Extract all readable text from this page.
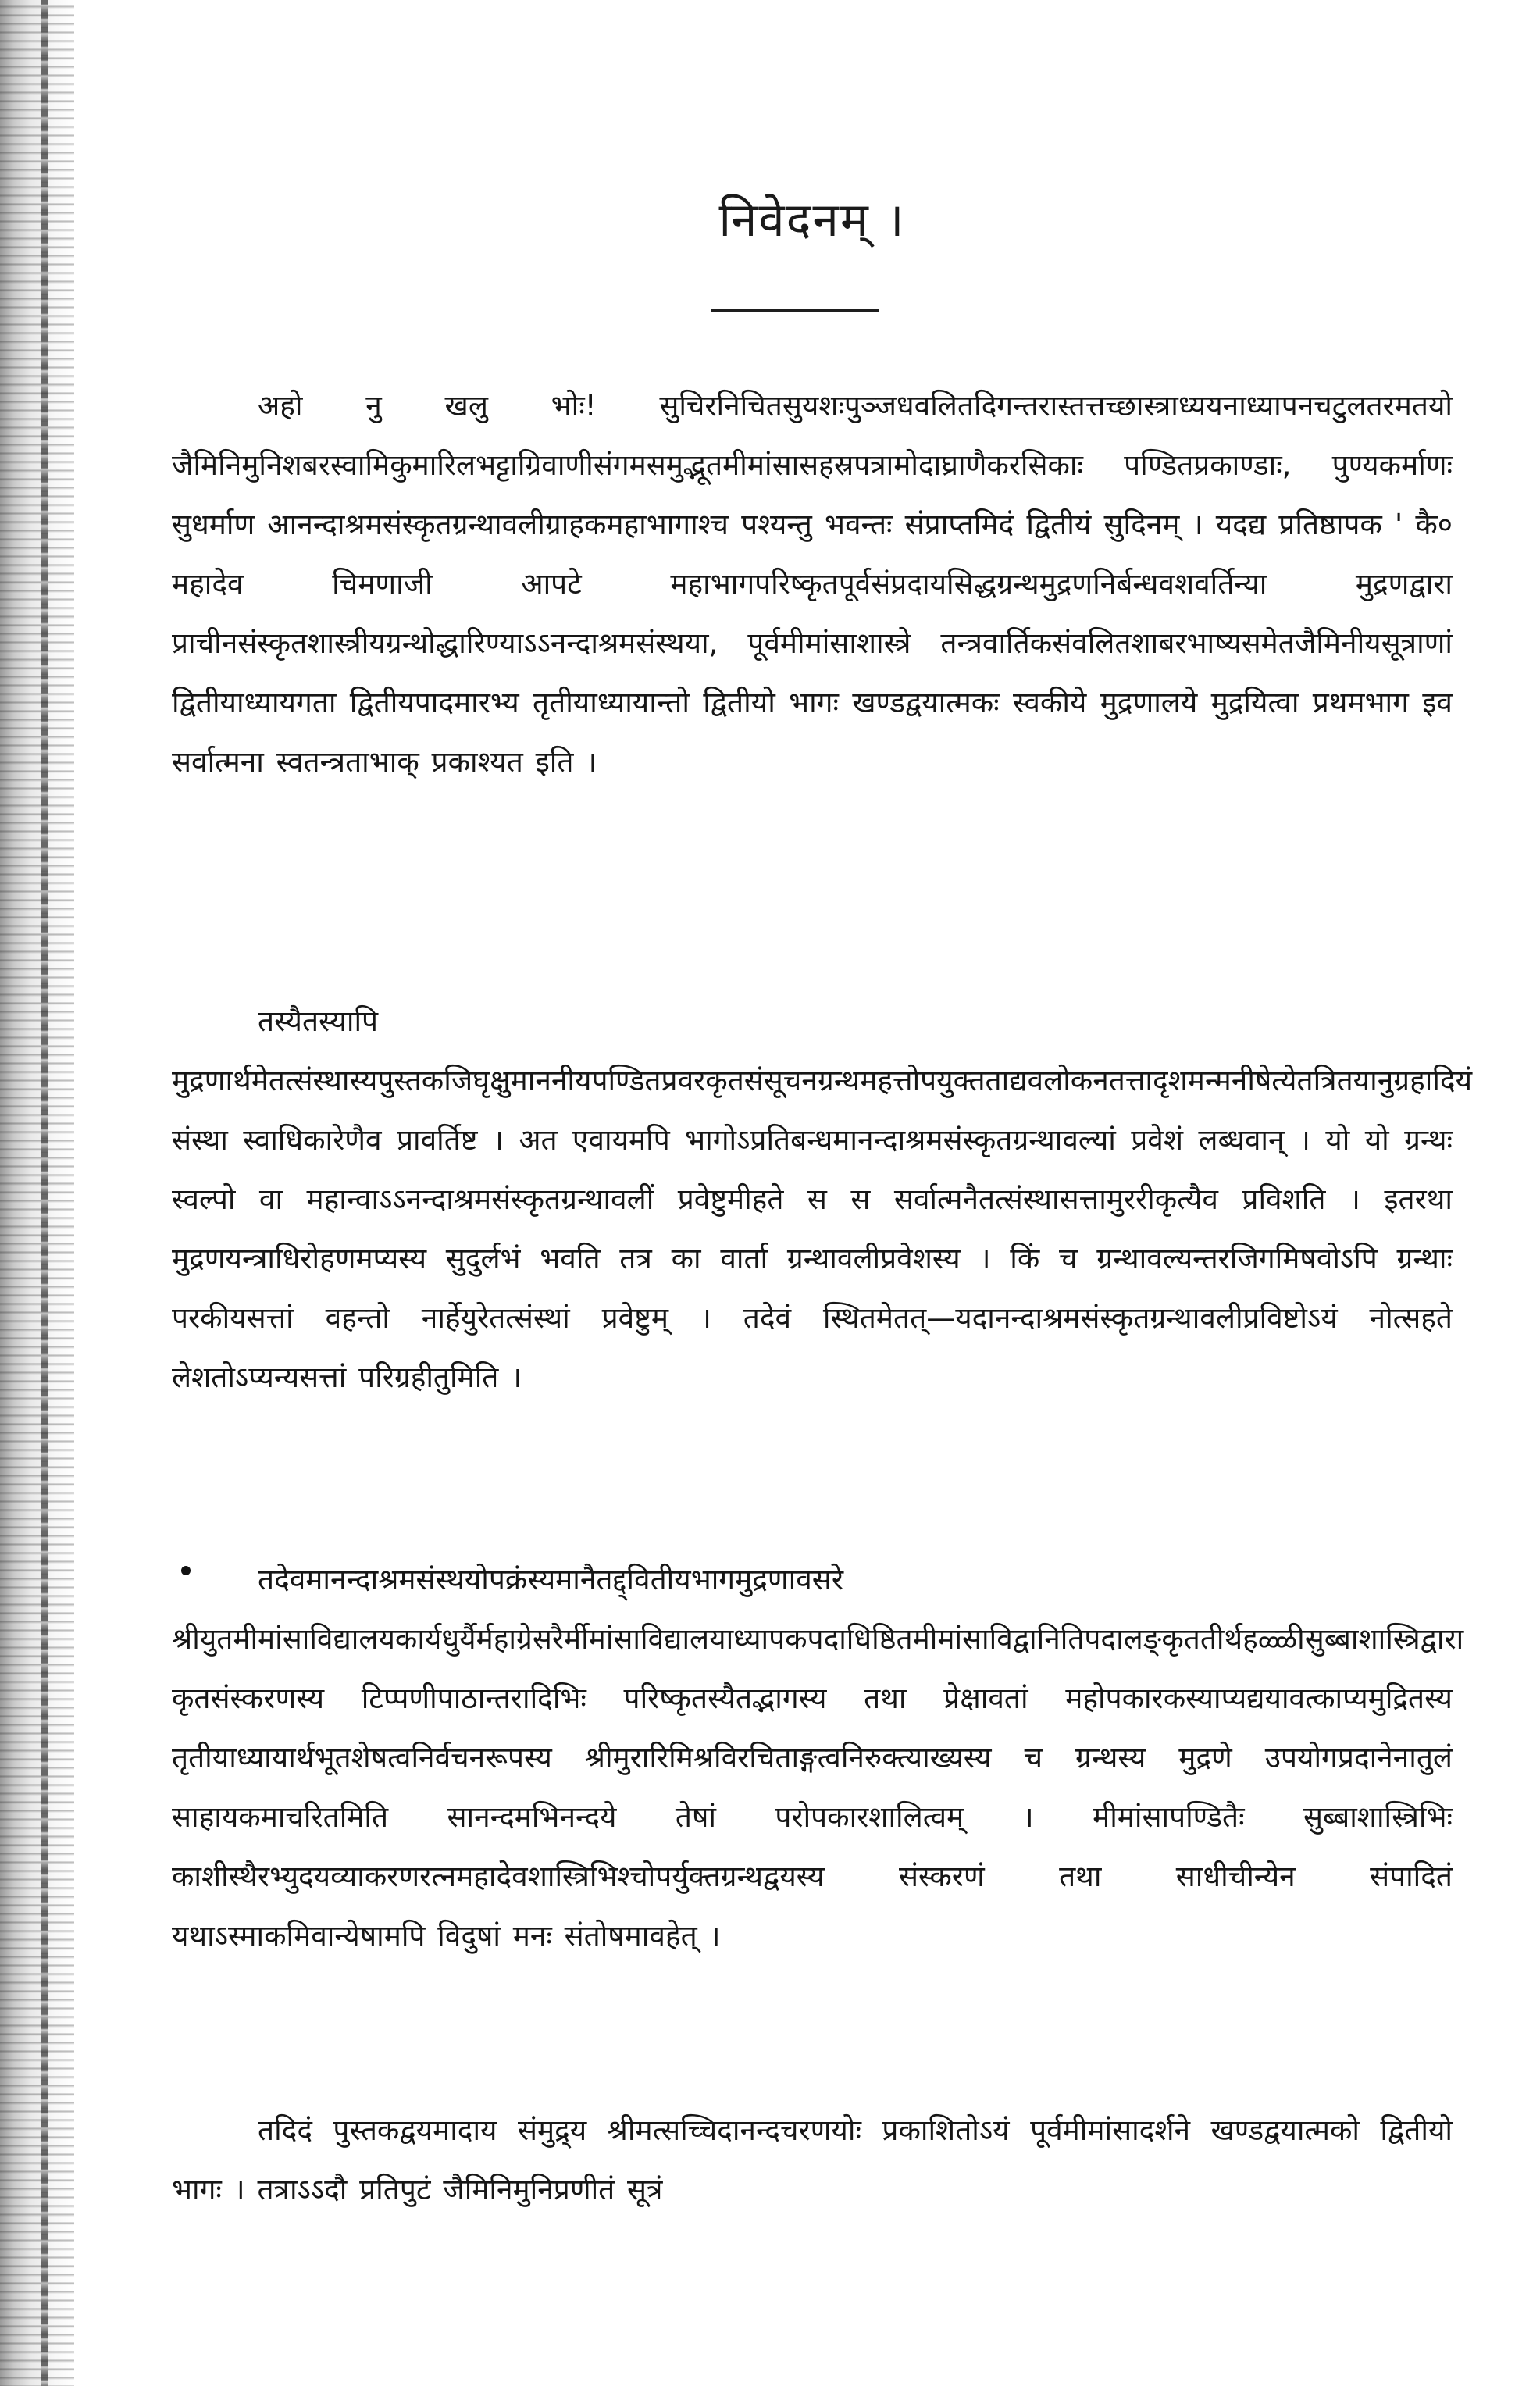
निवेदनम् ।
अहो नु खलु भोः! सुचिरनिचितसुयशःपुञ्जधवलितदिगन्तरास्तत्तच्छास्त्राध्ययनाध्यापनचटुलतरमतयो जैमिनिमुनिशबरस्वामिकुमारिलभट्टाग्रिवाणीसंगमसमुद्भूतमीमांसासहस्रपत्रामोदाघ्राणैकरसिकाः पण्डितप्रकाण्डाः, पुण्यकर्माणः सुधर्माण आनन्दाश्रमसंस्कृतग्रन्थावलीग्राहकमहाभागाश्च पश्यन्तु भवन्तः संप्राप्तमिदं द्वितीयं सुदिनम् । यदद्य प्रतिष्ठापक ' कै० महादेव चिमणाजी आपटे महाभागपरिष्कृतपूर्वसंप्रदायसिद्धग्रन्थमुद्रणनिर्बन्धवशवर्तिन्या मुद्रणद्वारा प्राचीनसंस्कृतशास्त्रीयग्रन्थोद्धारिण्याऽऽनन्दाश्रमसंस्थया, पूर्वमीमांसाशास्त्रे तन्त्रवार्तिकसंवलितशाबरभाष्यसमेतजैमिनीयसूत्राणां द्वितीयाध्यायगता द्वितीयपादमारभ्य तृतीयाध्यायान्तो द्वितीयो भागः खण्डद्वयात्मकः स्वकीये मुद्रणालये मुद्रयित्वा प्रथमभाग इव सर्वात्मना स्वतन्त्रताभाक् प्रकाश्यत इति ।
तस्यैतस्यापि मुद्रणार्थमेतत्संस्थास्यपुस्तकजिघृक्षुमाननीयपण्डितप्रवरकृतसंसूचनग्रन्थमहत्तोपयुक्तताद्यवलोकनतत्तादृशमन्मनीषेत्येतत्रितयानुग्रहादियं संस्था स्वाधिकारेणैव प्रावर्तिष्ट । अत एवायमपि भागोऽप्रतिबन्धमानन्दाश्रमसंस्कृतग्रन्थावल्यां प्रवेशं लब्धवान् । यो यो ग्रन्थः स्वल्पो वा महान्वाऽऽनन्दाश्रमसंस्कृतग्रन्थावलीं प्रवेष्टुमीहते स स सर्वात्मनैतत्संस्थासत्तामुररीकृत्यैव प्रविशति । इतरथा मुद्रणयन्त्राधिरोहणमप्यस्य सुदुर्लभं भवति तत्र का वार्ता ग्रन्थावलीप्रवेशस्य । किं च ग्रन्थावल्यन्तरजिगमिषवोऽपि ग्रन्थाः परकीयसत्तां वहन्तो नार्हेयुरेतत्संस्थां प्रवेष्टुम् । तदेवं स्थितमेतत्—यदानन्दाश्रमसंस्कृतग्रन्थावलीप्रविष्टोऽयं नोत्सहते लेशतोऽप्यन्यसत्तां परिग्रहीतुमिति ।
तदेवमानन्दाश्रमसंस्थयोपक्रंस्यमानैतद्द्वितीयभागमुद्रणावसरे श्रीयुतमीमांसाविद्यालयकार्यधुर्यैर्महाग्रेसरैर्मीमांसाविद्यालयाध्यापकपदाधिष्ठितमीमांसाविद्वानितिपदालङ्कृततीर्थहळ्ळीसुब्बाशास्त्रिद्वारा कृतसंस्करणस्य टिप्पणीपाठान्तरादिभिः परिष्कृतस्यैतद्भागस्य तथा प्रेक्षावतां महोपकारकस्याप्यद्ययावत्काप्यमुद्रितस्य तृतीयाध्यायार्थभूतशेषत्वनिर्वचनरूपस्य श्रीमुरारिमिश्रविरचिताङ्गत्वनिरुक्त्याख्यस्य च ग्रन्थस्य मुद्रणे उपयोगप्रदानेनातुलं साहायकमाचरितमिति सानन्दमभिनन्दये तेषां परोपकारशालित्वम् । मीमांसापण्डितैः सुब्बाशास्त्रिभिः काशीस्थैरभ्युदयव्याकरणरत्नमहादेवशास्त्रिभिश्चोपर्युक्तग्रन्थद्वयस्य संस्करणं तथा साधीचीन्येन संपादितं यथाऽस्माकमिवान्येषामपि विदुषां मनः संतोषमावहेत् ।
तदिदं पुस्तकद्वयमादाय संमुद्र्य श्रीमत्सच्चिदानन्दचरणयोः प्रकाशितोऽयं पूर्वमीमांसादर्शने खण्डद्वयात्मको द्वितीयो भागः । तत्राऽऽदौ प्रतिपुटं जैमिनिमुनिप्रणीतं सूत्रं
